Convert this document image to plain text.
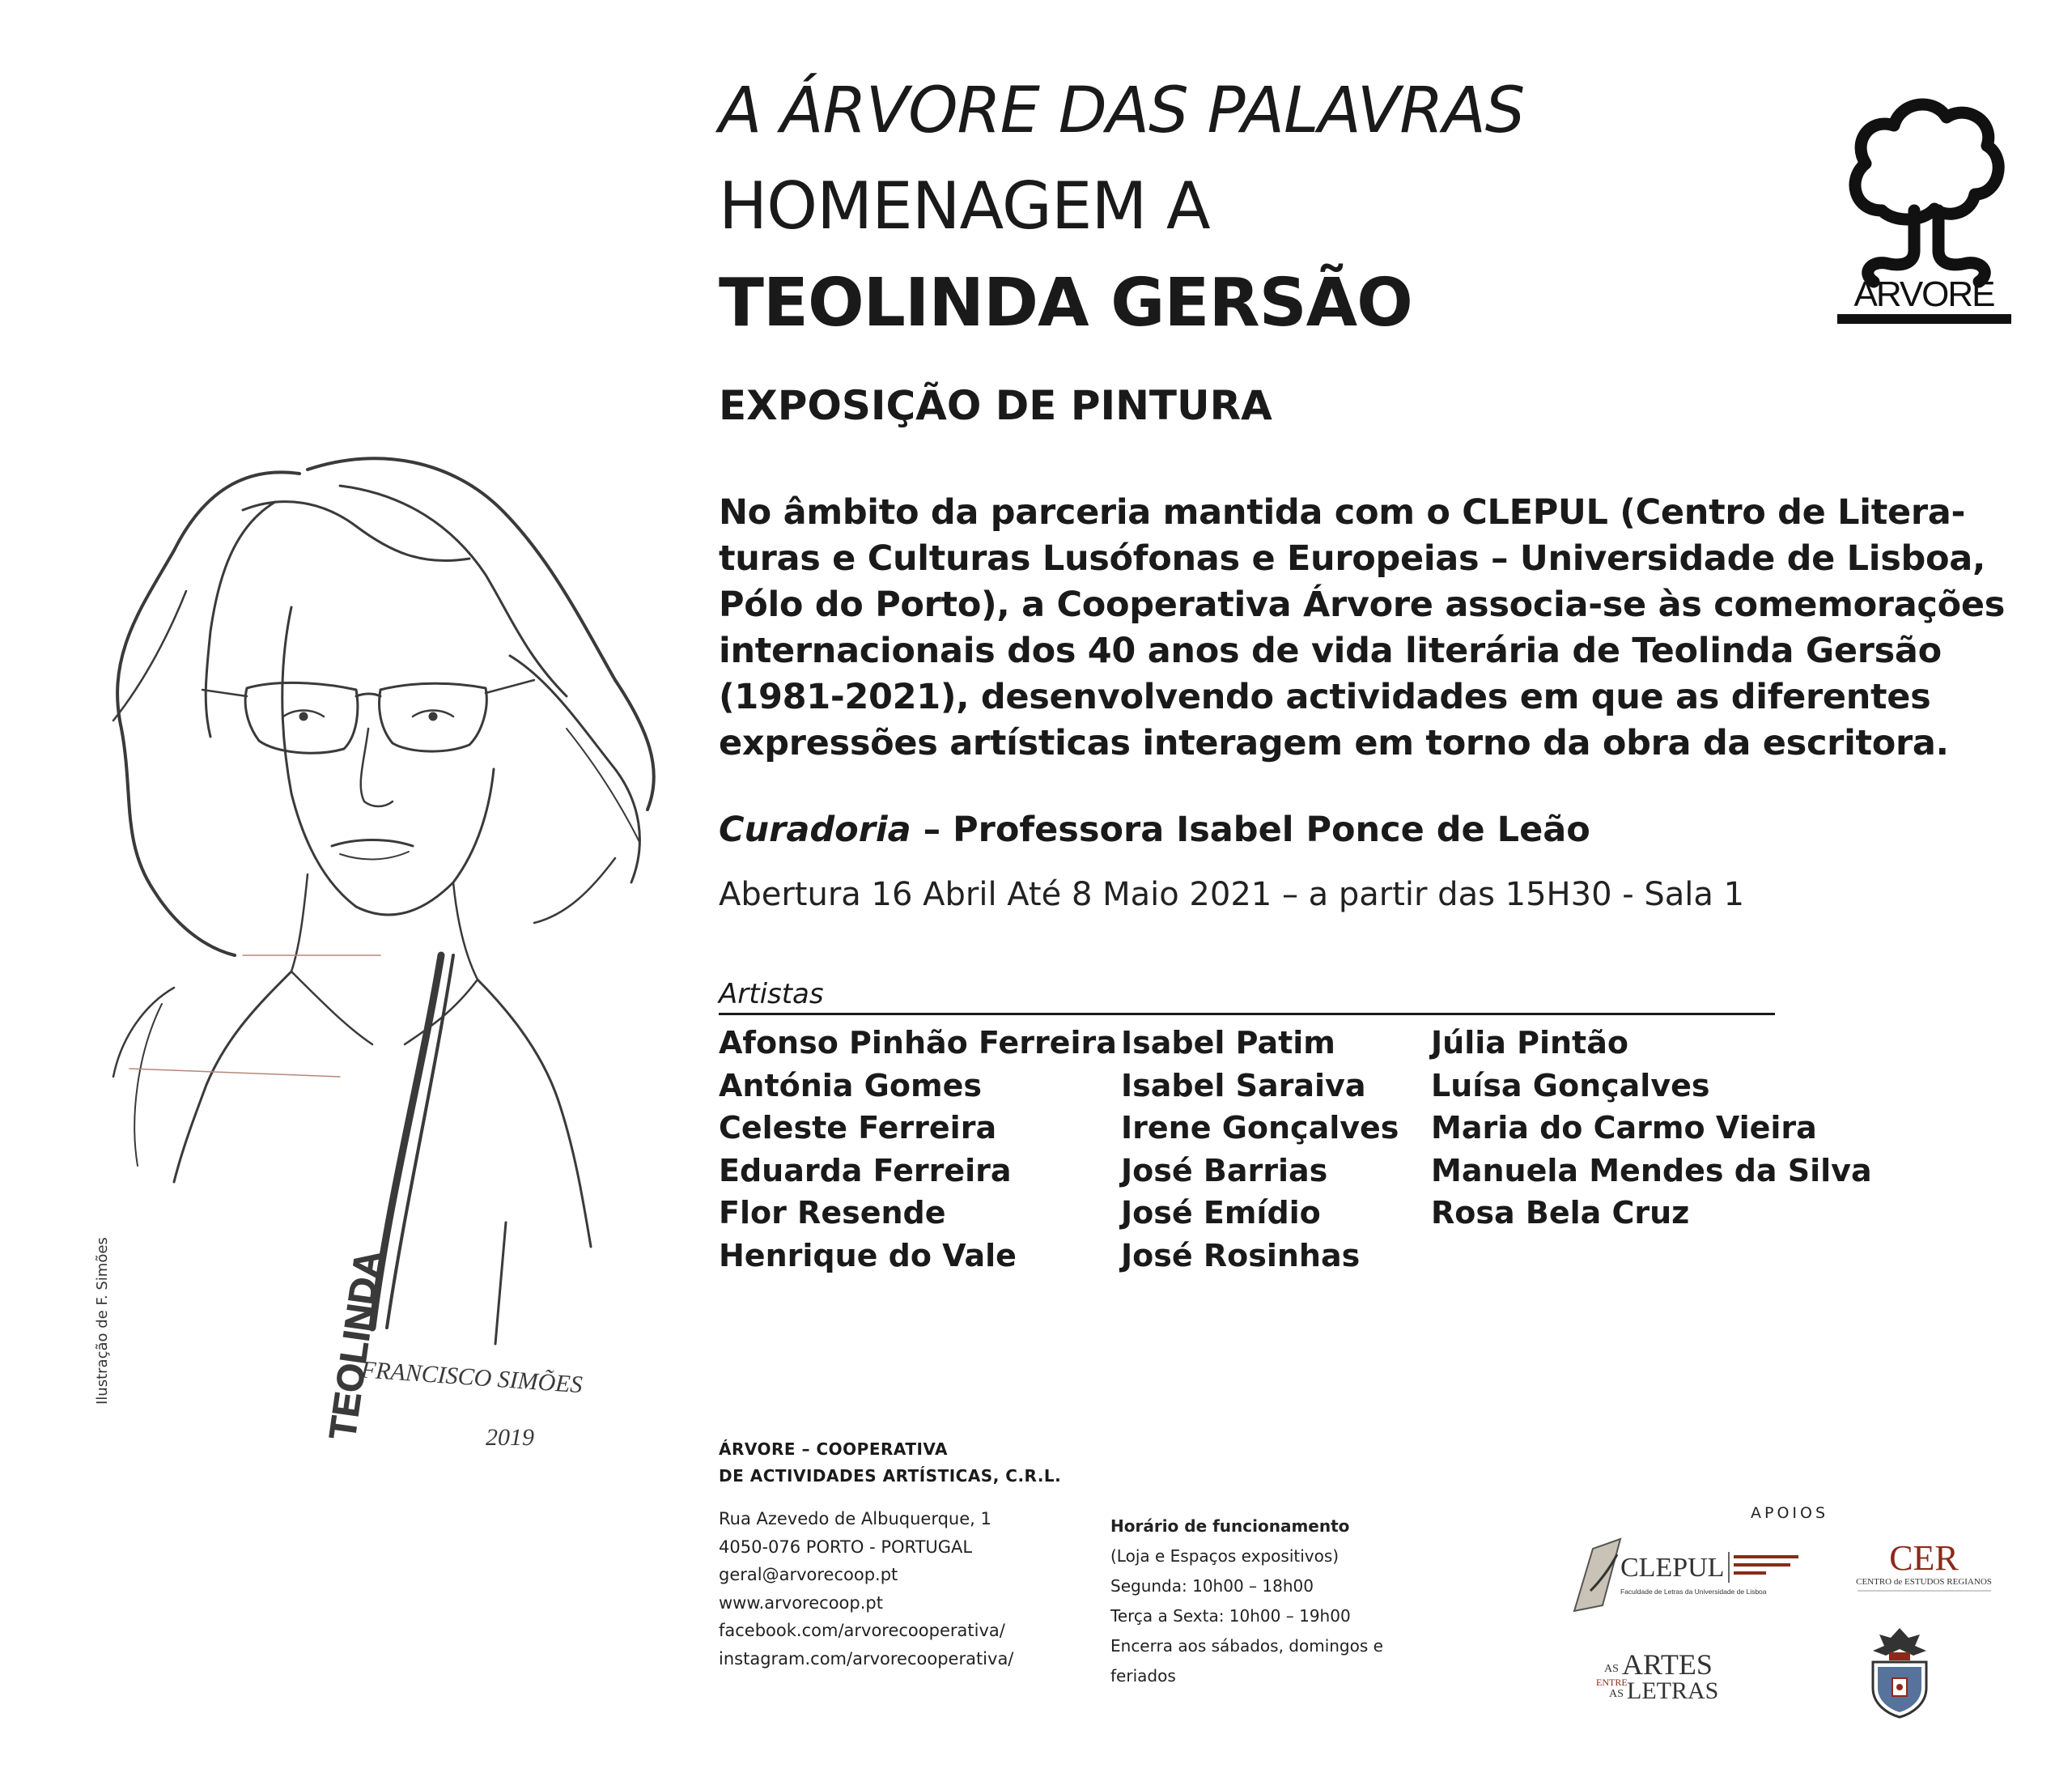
TEOLINDA
FRANCISCO SIMÕES
2019
Ilustração de F. Simões
A ÁRVORE DAS PALAVRAS
HOMENAGEM A
TEOLINDA GERSÃO
EXPOSIÇÃO DE PINTURA
ÁRVORE
No âmbito da parceria mantida com o CLEPUL (Centro de Litera-
turas e Culturas Lusófonas e Europeias – Universidade de Lisboa,
Pólo do Porto), a Cooperativa Árvore associa-se às comemorações
internacionais dos 40 anos de vida literária de Teolinda Gersão
(1981-2021), desenvolvendo actividades em que as diferentes
expressões artísticas interagem em torno da obra da escritora.
Curadoria – Professora Isabel Ponce de Leão
Abertura 16 Abril Até 8 Maio 2021 – a partir das 15H30 - Sala 1
Artistas
Afonso Pinhão Ferreira
Antónia Gomes
Celeste Ferreira
Eduarda Ferreira
Flor Resende
Henrique do Vale
Isabel Patim
Isabel Saraiva
Irene Gonçalves
José Barrias
José Emídio
José Rosinhas
Júlia Pintão
Luísa Gonçalves
Maria do Carmo Vieira
Manuela Mendes da Silva
Rosa Bela Cruz
ÁRVORE – COOPERATIVA
DE ACTIVIDADES ARTÍSTICAS, C.R.L.
Rua Azevedo de Albuquerque, 1
4050-076 PORTO - PORTUGAL
geral@arvorecoop.pt
www.arvorecoop.pt
facebook.com/arvorecooperativa/
instagram.com/arvorecooperativa/
Horário de funcionamento
(Loja e Espaços expositivos)
Segunda: 10h00 – 18h00
Terça a Sexta: 10h00 – 19h00
Encerra aos sábados, domingos e
feriados
APOIOS
CLEPUL
Faculdade de Letras da Universidade de Lisboa
CER
CENTRO de ESTUDOS REGIANOS
AS ARTES
ENTRE
AS LETRAS
